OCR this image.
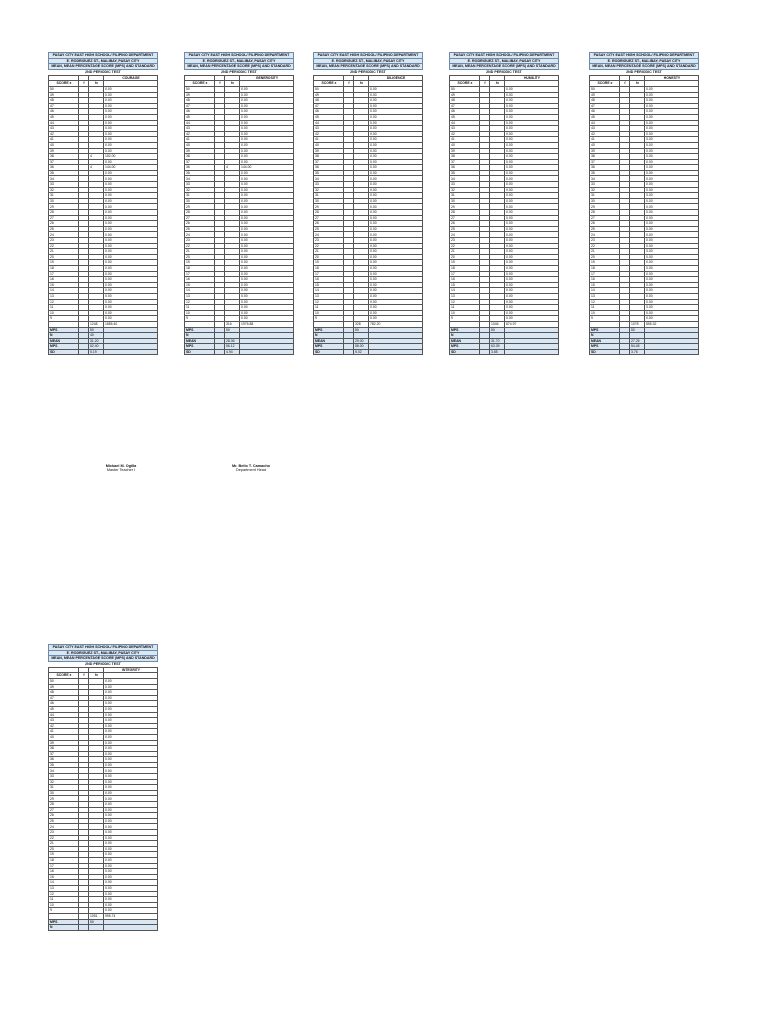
PASAY CITY EAST HIGH SCHOOL/ FILIPINO DEPARTMENT
E. RODRIGUEZ ST., MALIBAY, PASAY CITY
MEAN, MEAN PERCENTAGE SCORE (MPS) AND STANDARD
2ND PERIODIC TEST
			COURAGE
SCORE x	f	fx	
50			0.00
49			0.00
48			0.00
47			0.00
46			0.00
45			0.00
44			0.00
43			0.00
42			0.00
41			0.00
40			0.00
39			0.00
38		4	152.00
37			0.00
36		4	144.00
35			0.00
34			0.00
33			0.00
32			0.00
31			0.00
30			0.00
29			0.00
28			0.00
27			0.00
26			0.00
25			0.00
24			0.00
23			0.00
22			0.00
21			0.00
20			0.00
19			0.00
18			0.00
17			0.00
16			0.00
15			0.00
14			0.00
13			0.00
12			0.00
11			0.00
10			0.00
9			0.00
		1248	1855.40
MPS		50	
N		40	
MEAN		31.20	
MPS		62.40	
SD		5.19	
PASAY CITY EAST HIGH SCHOOL/ FILIPINO DEPARTMENT
E. RODRIGUEZ ST., MALIBAY, PASAY CITY
MEAN, MEAN PERCENTAGE SCORE (MPS) AND STANDARD
2ND PERIODIC TEST
			GENEROSITY
SCORE x	f	fx	
50			0.00
49			0.00
48			0.00
47			0.00
46			0.00
45			0.00
44			0.00
43			0.00
42			0.00
41			0.00
40			0.00
39			0.00
38			0.00
37			0.00
36		4	144.00
35			0.00
34			0.00
33			0.00
32			0.00
31			0.00
30			0.00
29			0.00
28			0.00
27			0.00
26			0.00
25			0.00
24			0.00
23			0.00
22			0.00
21			0.00
20			0.00
19			0.00
18			0.00
17			0.00
16			0.00
15			0.00
14			0.00
13			0.00
12			0.00
11			0.00
10			0.00
9			0.00
		316	1975.88
MPS		50	
N			
MEAN		28.06	
MPS		56.12	
SD		4.94	
PASAY CITY EAST HIGH SCHOOL/ FILIPINO DEPARTMENT
E. RODRIGUEZ ST., MALIBAY, PASAY CITY
MEAN, MEAN PERCENTAGE SCORE (MPS) AND STANDARD
2ND PERIODIC TEST
			DILIGENCE
SCORE x	f	fx	
50			0.00
49			0.00
48			0.00
47			0.00
46			0.00
45			0.00
44			0.00
43			0.00
42			0.00
41			0.00
40			0.00
39			0.00
38			0.00
37			0.00
36			0.00
35			0.00
34			0.00
33			0.00
32			0.00
31			0.00
30			0.00
29			0.00
28			0.00
27			0.00
26			0.00
25			0.00
24			0.00
23			0.00
22			0.00
21			0.00
20			0.00
19			0.00
18			0.00
17			0.00
16			0.00
15			0.00
14			0.00
13			0.00
12			0.00
11			0.00
10			0.00
9			0.00
		328	782.20
MPS		50	
N			
MEAN		29.00	
MPS		58.00	
SD		5.02	
PASAY CITY EAST HIGH SCHOOL/ FILIPINO DEPARTMENT
E. RODRIGUEZ ST., MALIBAY, PASAY CITY
MEAN, MEAN PERCENTAGE SCORE (MPS) AND STANDARD
2ND PERIODIC TEST
			HUMILITY
SCORE x	f	fx	
50			0.00
49			0.00
48			0.00
47			0.00
46			0.00
45			0.00
44			0.00
43			0.00
42			0.00
41			0.00
40			0.00
39			0.00
38			0.00
37			0.00
36			0.00
35			0.00
34			0.00
33			0.00
32			0.00
31			0.00
30			0.00
29			0.00
28			0.00
27			0.00
26			0.00
25			0.00
24			0.00
23			0.00
22			0.00
21			0.00
20			0.00
19			0.00
18			0.00
17			0.00
16			0.00
15			0.00
14			0.00
13			0.00
12			0.00
11			0.00
10			0.00
9			0.00
		1046	874.97
MPS		50	
N			
MEAN		31.70	
MPS		63.39	
SD		3.85	
PASAY CITY EAST HIGH SCHOOL/ FILIPINO DEPARTMENT
E. RODRIGUEZ ST., MALIBAY, PASAY CITY
MEAN, MEAN PERCENTAGE SCORE (MPS) AND STANDARD
2ND PERIODIC TEST
			HONESTY
SCORE x	f	fx	
50			0.00
49			0.00
48			0.00
47			0.00
46			0.00
45			0.00
44			0.00
43			0.00
42			0.00
41			0.00
40			0.00
39			0.00
38			0.00
37			0.00
36			0.00
35			0.00
34			0.00
33			0.00
32			0.00
31			0.00
30			0.00
29			0.00
28			0.00
27			0.00
26			0.00
25			0.00
24			0.00
23			0.00
22			0.00
21			0.00
20			0.00
19			0.00
18			0.00
17			0.00
16			0.00
15			0.00
14			0.00
13			0.00
12			0.00
11			0.00
10			0.00
9			0.00
		1078	855.32
MPS		50	
N			
MEAN		27.25	
MPS		54.45	
SD		3.76	
PASAY CITY EAST HIGH SCHOOL/ FILIPINO DEPARTMENT
E. RODRIGUEZ ST., MALIBAY, PASAY CITY
MEAN, MEAN PERCENTAGE SCORE (MPS) AND STANDARD
2ND PERIODIC TEST
			INTEGRITY
SCORE x	f	fx	
50			0.00
49			0.00
48			0.00
47			0.00
46			0.00
45			0.00
44			0.00
43			0.00
42			0.00
41			0.00
40			0.00
39			0.00
38			0.00
37			0.00
36			0.00
35			0.00
34			0.00
33			0.00
32			0.00
31			0.00
30			0.00
29			0.00
28			0.00
27			0.00
26			0.00
25			0.00
24			0.00
23			0.00
22			0.00
21			0.00
20			0.00
19			0.00
18			0.00
17			0.00
16			0.00
15			0.00
14			0.00
13			0.00
12			0.00
11			0.00
10			0.00
9			0.00
		1051	995.74
MPS		50	
N			
Mickael M. Ogilla
Master Teacher I
Mr. Bello T. Camacho
Department Head
